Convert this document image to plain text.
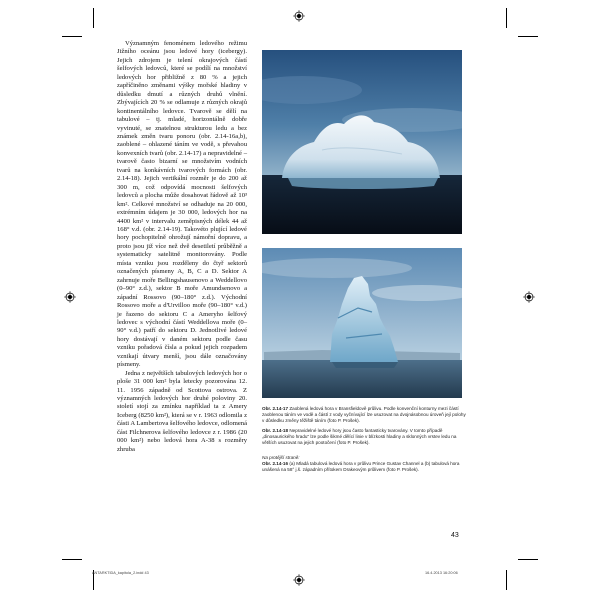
Významným fenoménem ledového režimu Jižního oceánu jsou ledové hory (icebergy). Jejich zdrojem je telení okrajových částí šelfových ledovců, které se podílí na množství ledových hor přibližně z 80 % a jejich zapříčiněno změnami výšky mořské hladiny v důsledku dmutí a různých druhů vlnění. Zbývajících 20 % se odlamuje z různých okrajů kontinentálního ledovce. Tvarově se dělí na tabulové – tj. mladé, horizontálně dobře vyvinuté, se znatelnou strukturou ledu a bez známek změn tvaru ponoru (obr. 2.14-16a,b), zaoblené – ohlazené táním ve vodě, s převahou konvexních tvarů (obr. 2.14-17) a nepravidelné – tvarově často bizarní se množstvím vodních tvarů na konkávních tvarových formách (obr. 2.14-18). Jejich vertikální rozměr je do 200 až 300 m, což odpovídá mocnosti šelfových ledovců a plocha může dosahovat řádově až 10³ km². Celkové množství se odhaduje na 20 000, extrémním údajem je 30 000, ledových hor na 4400 km² v intervalu zeměpisných délek 44 až 168° v.d. (obr. 2.14-19). Takovéto plující ledové hory pochopitelně ohrožují námořní dopravu, a proto jsou již více než dvě desetiletí průběžně a systematicky satelitně monitorovány. Podle místa vzniku jsou rozděleny do čtyř sektorů označených písmeny A, B, C a D. Sektor A zahrnuje moře Bellingshausenovo a Weddellovo (0–90° z.d.), sektor B moře Amundsenovo a západní Rossovo (90–180° z.d.). Východní Rossovo moře a d'Urvilloo moře (90–180° v.d.) je řazeno do sektoru C a Ameryho šelfový ledovec s východní částí Weddellova moře (0–90° v.d.) patří do sektoru D. Jednotlivé ledové hory dostávají v daném sektoru podle času vzniku pořadová čísla a pokud jejich rozpadem vznikají útvary menší, jsou dále označovány písmeny.

Jedna z největších tabulových ledových hor o ploše 31 000 km² byla letecky pozorována 12. 11. 1956 západně od Scottova ostrova. Z významných ledových hor druhé poloviny 20. století stojí za zmínku například ta z Amery Iceberg (8250 km²), která se v r. 1963 odlomila z části A Lambertova šelfového ledovce, odlomená část Filchnerova šelfového ledovce z r. 1986 (20 000 km²) nebo ledová hora A-38 s rozměry zhruba

Obr. 2.14-17 Zaoblená ledová hora v Bransfieldově průlivu. Podle konvenční konturny mezi částí zaoblenou táním ve vodě a částí z vody vyčnívající lze usuzovat na dvojnásobnou úroveň její polohy v důsledku změny těžiště táním (foto P. Prošek).

Obr. 2.14-18 Nepravidelné ledové hory jsou často fantasticky tvarovány. V tomto případě „dinosaurického hradu" lze podle šikmé dělící linie v blízkosti hladiny a sklonných vrstev ledu na větších usuzovat na jejich pootočení (foto P. Prošek).

Na protější straně:
Obr. 2.14-16 (a) Mladá tabulová ledová hora v průlivu Prince Gustav Channel a (b) tabulová hora unášená na 58° j.š. západním přítokem Drakeovým průlivem (foto P. Prošek).

43
ANTARKTIDA_kapitola_2.indd 43	16.4.2013 16:20:06
